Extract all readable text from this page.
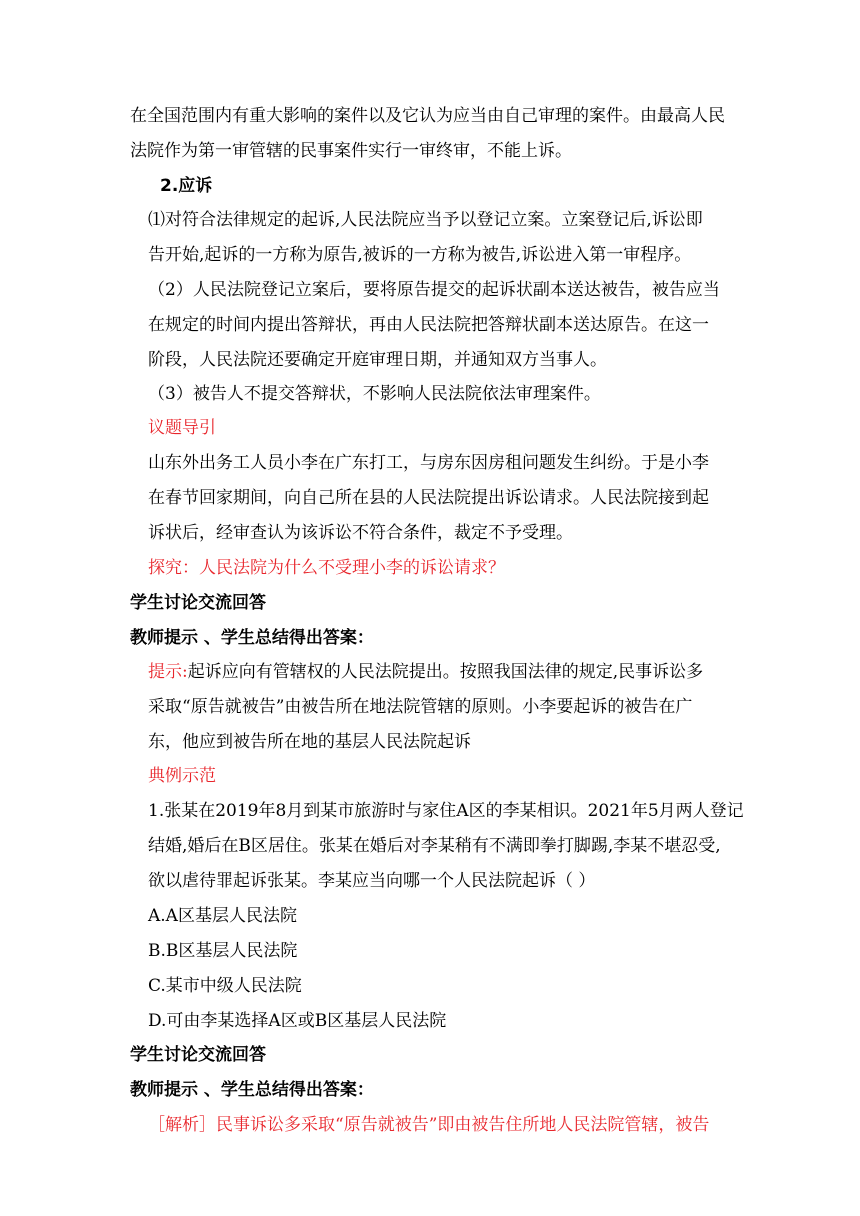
在全国范围内有重大影响的案件以及它认为应当由自己审理的案件。由最高人民
法院作为第一审管辖的民事案件实行一审终审，不能上诉。
2.应诉
⑴对符合法律规定的起诉,人民法院应当予以登记立案。立案登记后,诉讼即
告开始,起诉的一方称为原告,被诉的一方称为被告,诉讼进入第一审程序。
（2）人民法院登记立案后，要将原告提交的起诉状副本送达被告，被告应当
在规定的时间内提出答辩状，再由人民法院把答辩状副本送达原告。在这一
阶段，人民法院还要确定开庭审理日期，并通知双方当事人。
（3）被告人不提交答辩状，不影响人民法院依法审理案件。
议题导引
山东外出务工人员小李在广东打工，与房东因房租问题发生纠纷。于是小李
在春节回家期间，向自己所在县的人民法院提出诉讼请求。人民法院接到起
诉状后，经审查认为该诉讼不符合条件，裁定不予受理。
探究：人民法院为什么不受理小李的诉讼请求？
学生讨论交流回答
教师提示 、学生总结得出答案：
提示:起诉应向有管辖权的人民法院提出。按照我国法律的规定,民事诉讼多
采取“原告就被告”由被告所在地法院管辖的原则。小李要起诉的被告在广
东，他应到被告所在地的基层人民法院起诉
典例示范
1.张某在2019年8月到某市旅游时与家住A区的李某相识。2021年5月两人登记
结婚,婚后在B区居住。张某在婚后对李某稍有不满即拳打脚踢,李某不堪忍受,
欲以虐待罪起诉张某。李某应当向哪一个人民法院起诉（ ）
A.A区基层人民法院
B.B区基层人民法院
C.某市中级人民法院
D.可由李某选择A区或B区基层人民法院
学生讨论交流回答
教师提示 、学生总结得出答案：
［解析］民事诉讼多采取“原告就被告”即由被告住所地人民法院管辖，被告
